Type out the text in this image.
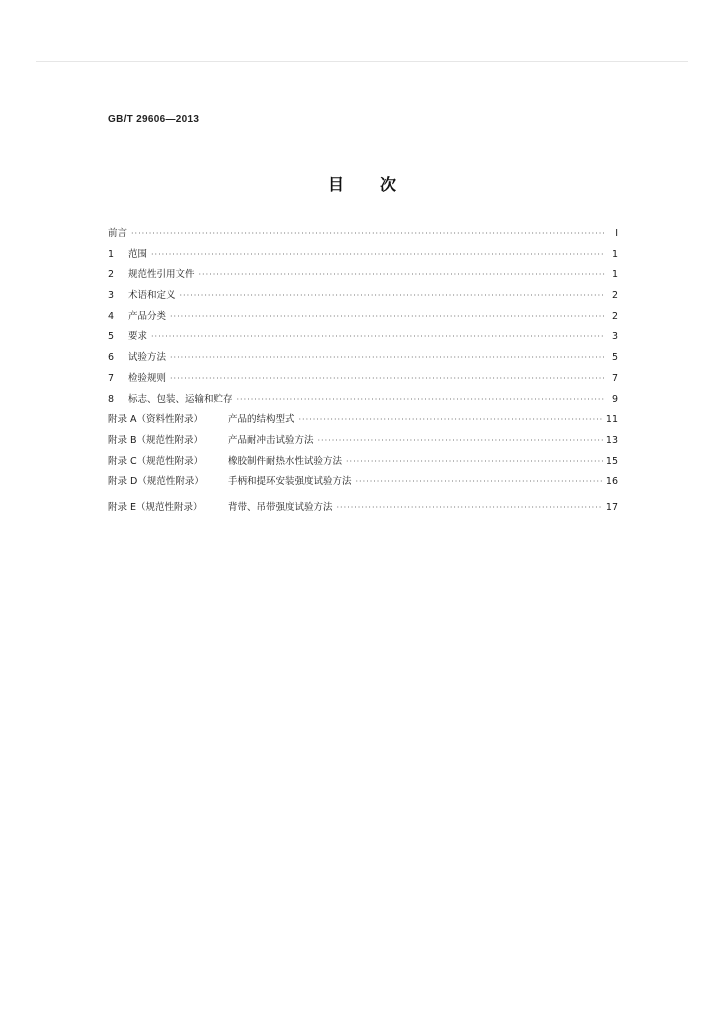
GB/T 29606—2013
目 次
前言 ·····	Ⅰ
1	范围 ·····	1
2	规范性引用文件 ·····	1
3	术语和定义 ·····	2
4	产品分类 ·····	2
5	要求 ·····	3
6	试验方法 ·····	5
7	检验规则 ·····	7
8	标志、包装、运输和贮存 ·····	9
附录 A（资料性附录）	产品的结构型式 ·····	11
附录 B（规范性附录）	产品耐冲击试验方法 ·····	13
附录 C（规范性附录）	橡胶制件耐热水性试验方法 ·····	15
附录 D（规范性附录）	手柄和提环安装强度试验方法 ·····	16
附录 E（规范性附录）	背带、吊带强度试验方法 ·····	17
